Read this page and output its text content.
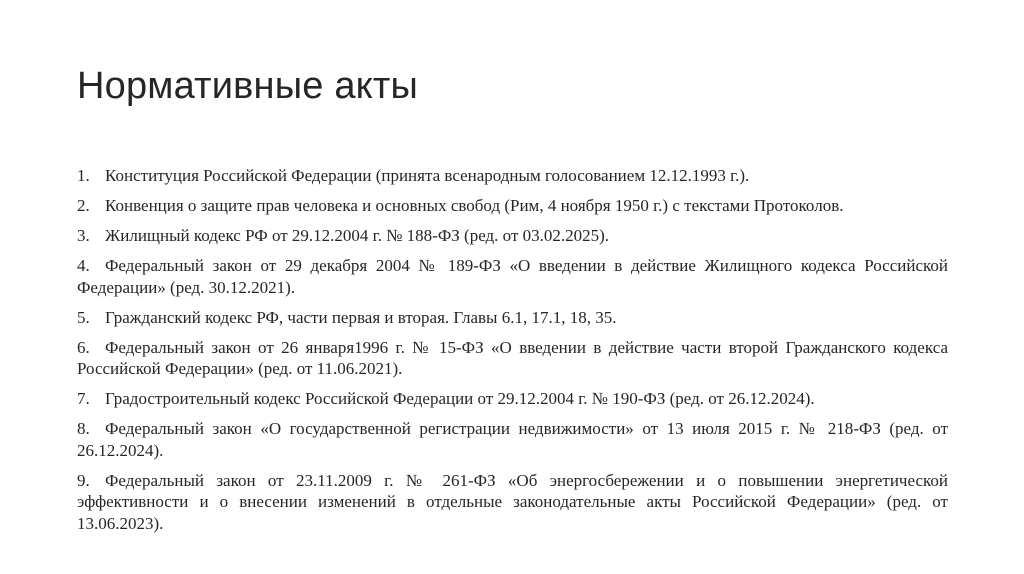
Нормативные акты

1. Конституция Российской Федерации (принята всенародным голосованием 12.12.1993 г.).

2. Конвенция о защите прав человека и основных свобод (Рим, 4 ноября 1950 г.) с текстами Протоколов.

3. Жилищный кодекс РФ от 29.12.2004 г. № 188-ФЗ (ред. от 03.02.2025).

4. Федеральный закон от 29 декабря 2004 № 189-ФЗ «О введении в действие Жилищного кодекса Российской Федерации» (ред. 30.12.2021).

5. Гражданский кодекс РФ, части первая и вторая. Главы 6.1, 17.1, 18, 35.

6. Федеральный закон от 26 января1996 г. № 15-ФЗ «О введении в действие части второй Гражданского кодекса Российской Федерации» (ред. от 11.06.2021).

7. Градостроительный кодекс Российской Федерации от 29.12.2004 г. № 190-ФЗ (ред. от 26.12.2024).

8. Федеральный закон «О государственной регистрации недвижимости» от 13 июля 2015 г. № 218-ФЗ (ред. от 26.12.2024).

9. Федеральный закон от 23.11.2009 г. № 261-ФЗ «Об энергосбережении и о повышении энергетической эффективности и о внесении изменений в отдельные законодательные акты Российской Федерации» (ред. от 13.06.2023).
